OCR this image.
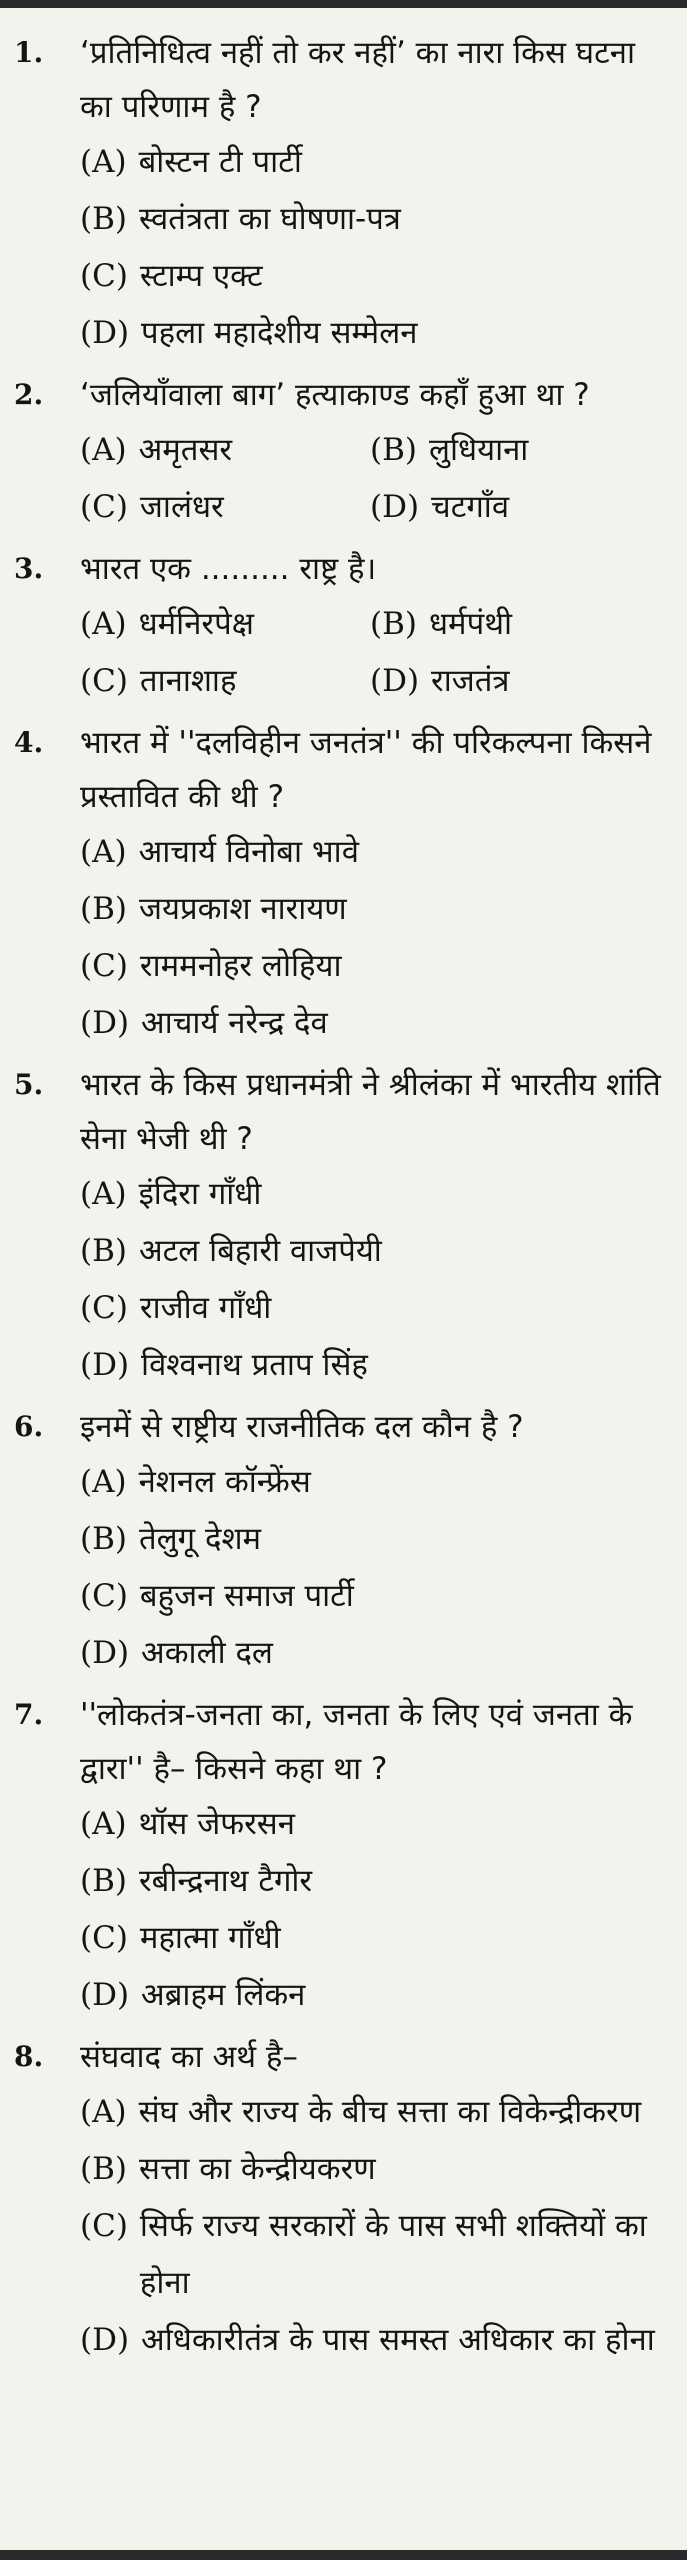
1. ‘प्रतिनिधित्व नहीं तो कर नहीं’ का नारा किस घटना का परिणाम है ?
(A) बोस्टन टी पार्टी
(B) स्वतंत्रता का घोषणा-पत्र
(C) स्टाम्प एक्ट
(D) पहला महादेशीय सम्मेलन
2. ‘जलियाँवाला बाग’ हत्याकाण्ड कहाँ हुआ था ?
(A) अमृतसर	(B) लुधियाना
(C) जालंधर	(D) चटगाँव
3. भारत एक ......... राष्ट्र है।
(A) धर्मनिरपेक्ष	(B) धर्मपंथी
(C) तानाशाह	(D) राजतंत्र
4. भारत में ''दलविहीन जनतंत्र'' की परिकल्पना किसने प्रस्तावित की थी ?
(A) आचार्य विनोबा भावे
(B) जयप्रकाश नारायण
(C) राममनोहर लोहिया
(D) आचार्य नरेन्द्र देव
5. भारत के किस प्रधानमंत्री ने श्रीलंका में भारतीय शांति सेना भेजी थी ?
(A) इंदिरा गाँधी
(B) अटल बिहारी वाजपेयी
(C) राजीव गाँधी
(D) विश्वनाथ प्रताप सिंह
6. इनमें से राष्ट्रीय राजनीतिक दल कौन है ?
(A) नेशनल कॉन्फ्रेंस
(B) तेलुगू देशम
(C) बहुजन समाज पार्टी
(D) अकाली दल
7. ''लोकतंत्र-जनता का, जनता के लिए एवं जनता के द्वारा'' है– किसने कहा था ?
(A) थॉस जेफरसन
(B) रबीन्द्रनाथ टैगोर
(C) महात्मा गाँधी
(D) अब्राहम लिंकन
8. संघवाद का अर्थ है–
(A) संघ और राज्य के बीच सत्ता का विकेन्द्रीकरण
(B) सत्ता का केन्द्रीयकरण
(C) सिर्फ राज्य सरकारों के पास सभी शक्तियों का होना
(D) अधिकारीतंत्र के पास समस्त अधिकार का होना
